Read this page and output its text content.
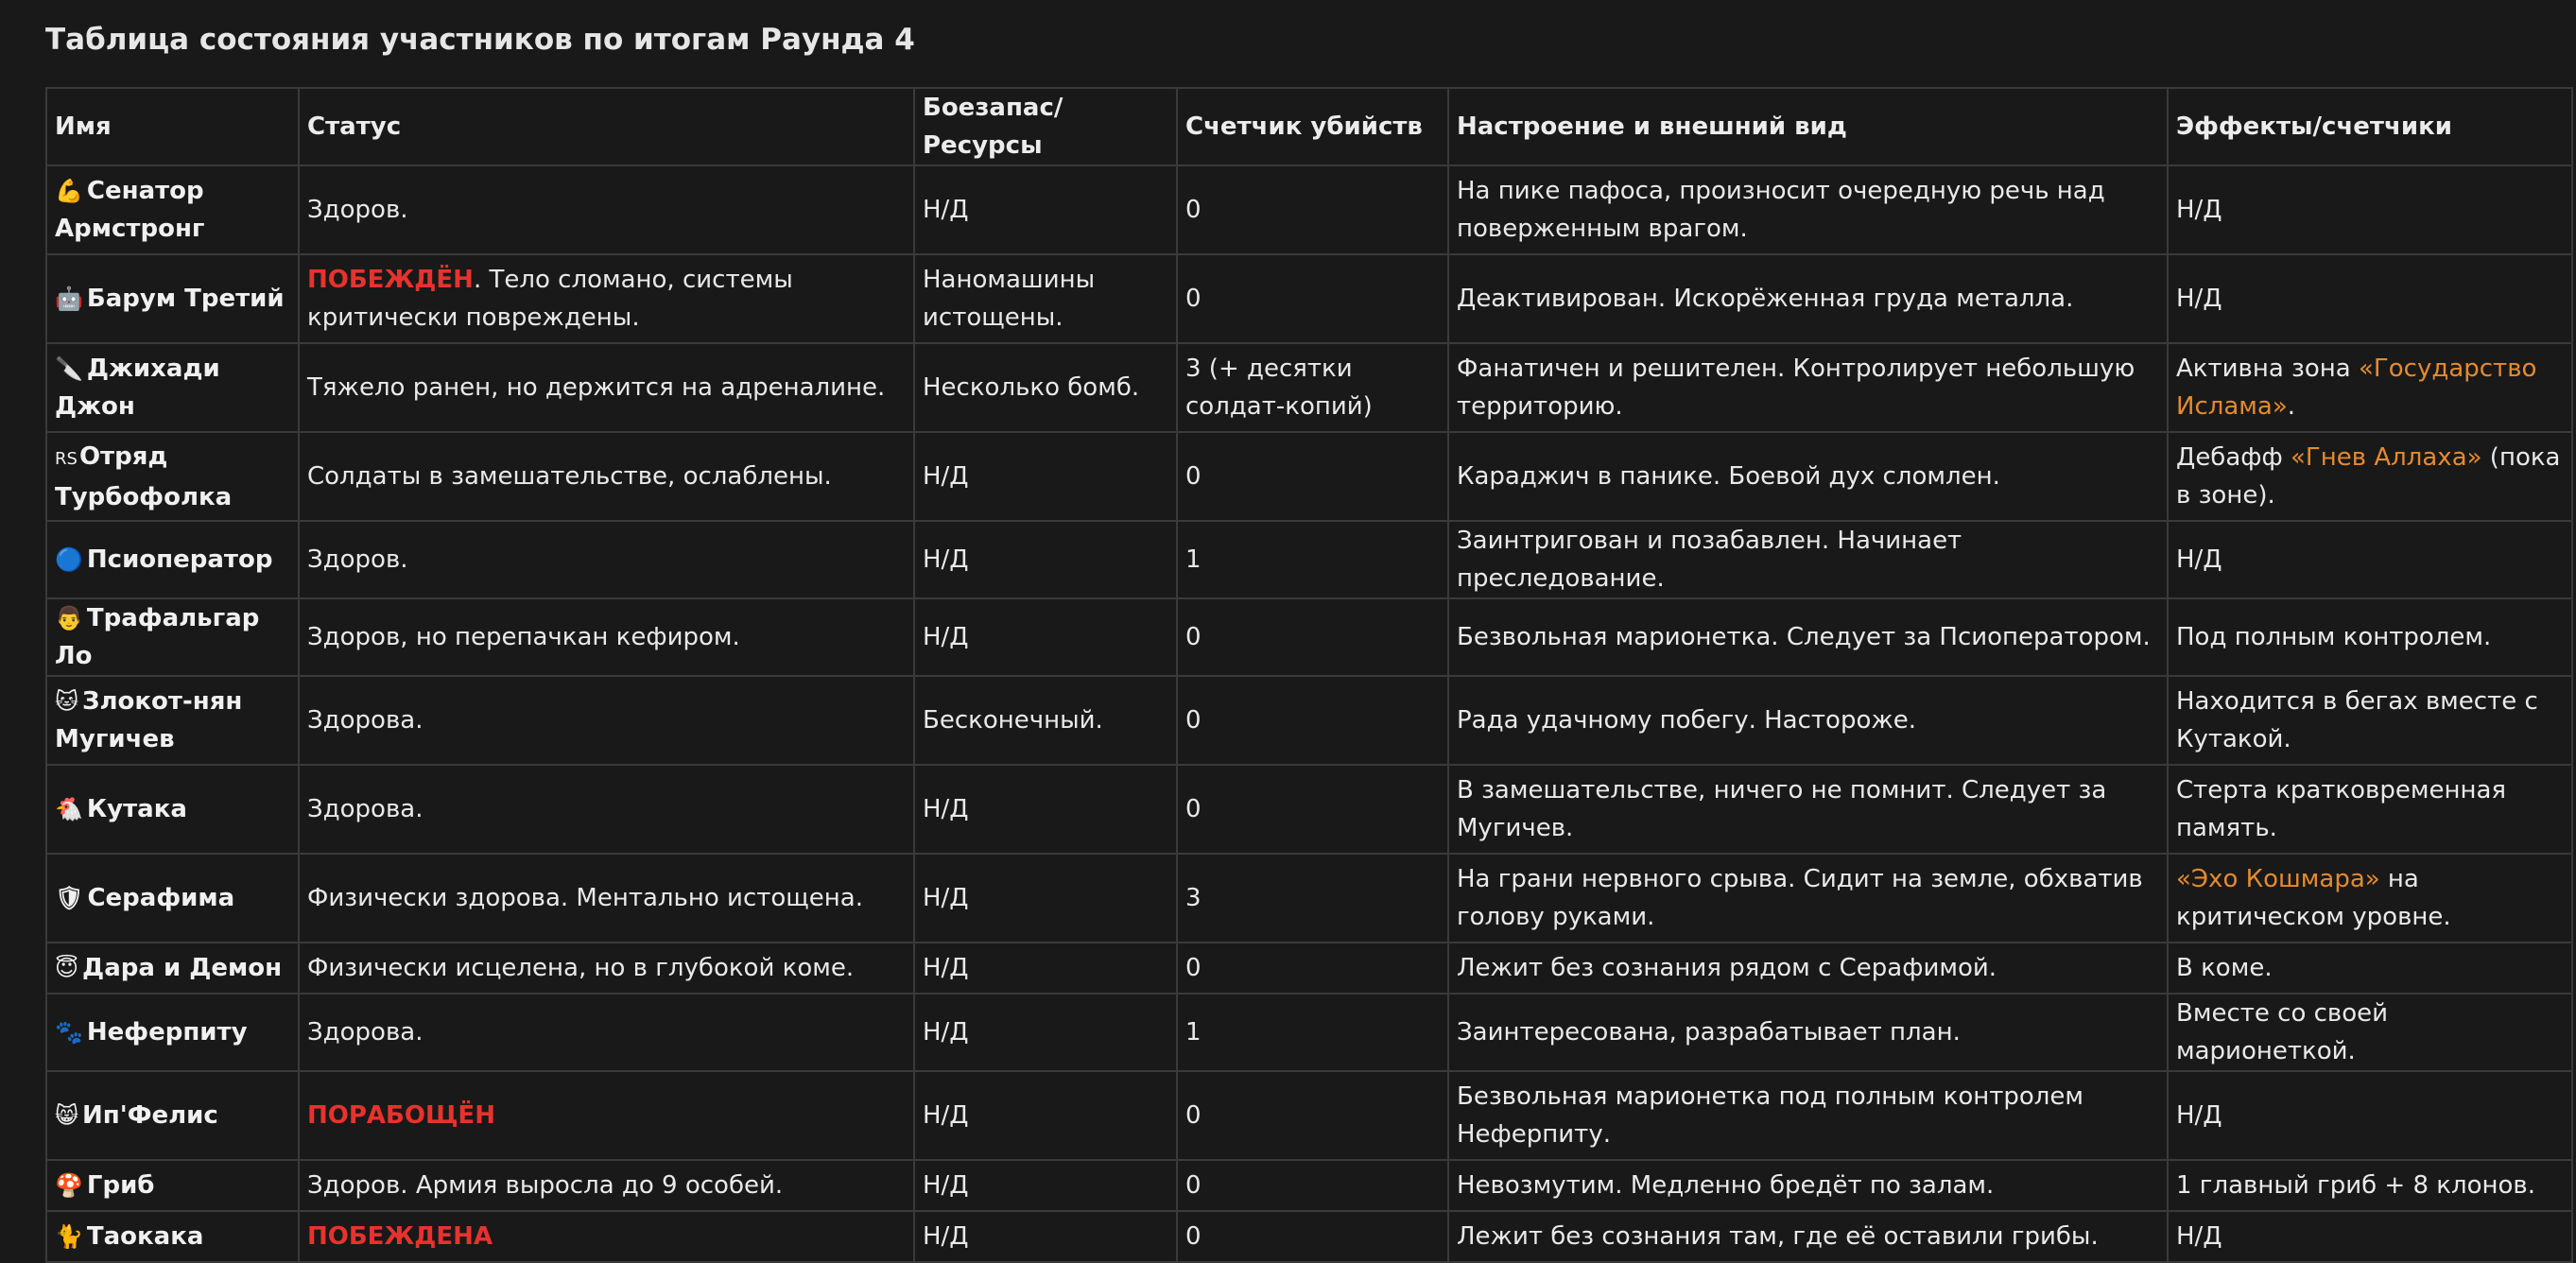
Таблица состояния участников по итогам Раунда 4
Имя	Статус	Боезапас/Ресурсы	Счетчик убийств	Настроение и внешний вид	Эффекты/счетчики
💪 Сенатор Армстронг	Здоров.	Н/Д	0	На пике пафоса, произносит очередную речь над поверженным врагом.	Н/Д
🤖 Барум Третий	ПОБЕЖДЁН. Тело сломано, системы критически повреждены.	Наномашины истощены.	0	Деактивирован. Искорёженная груда металла.	Н/Д
🔪 Джихади Джон	Тяжело ранен, но держится на адреналине.	Несколько бомб.	3 (+ десятки солдат-копий)	Фанатичен и решителен. Контролирует небольшую территорию.	Активна зона «Государство Ислама».
RSОтряд Турбофолка	Солдаты в замешательстве, ослаблены.	Н/Д	0	Караджич в панике. Боевой дух сломлен.	Дебафф «Гнев Аллаха» (пока в зоне).
🔵 Псиоператор	Здоров.	Н/Д	1	Заинтригован и позабавлен. Начинает преследование.	Н/Д
👨 Трафальгар Ло	Здоров, но перепачкан кефиром.	Н/Д	0	Безвольная марионетка. Следует за Псиоператором.	Под полным контролем.
🐱 Злокот-нян Мугичев	Здорова.	Бесконечный.	0	Рада удачному побегу. Настороже.	Находится в бегах вместе с Кутакой.
🐔 Кутака	Здорова.	Н/Д	0	В замешательстве, ничего не помнит. Следует за Мугичев.	Стерта кратковременная память.
🛡 Серафима	Физически здорова. Ментально истощена.	Н/Д	3	На грани нервного срыва. Сидит на земле, обхватив голову руками.	«Эхо Кошмара» на критическом уровне.
😇 Дара и Демон	Физически исцелена, но в глубокой коме.	Н/Д	0	Лежит без сознания рядом с Серафимой.	В коме.
🐾 Неферпиту	Здорова.	Н/Д	1	Заинтересована, разрабатывает план.	Вместе со своей марионеткой.
😸 Ип'Фелис	ПОРАБОЩЁН	Н/Д	0	Безвольная марионетка под полным контролем Неферпиту.	Н/Д
🍄 Гриб	Здоров. Армия выросла до 9 особей.	Н/Д	0	Невозмутим. Медленно бредёт по залам.	1 главный гриб + 8 клонов.
🐈 Таокака	ПОБЕЖДЕНА	Н/Д	0	Лежит без сознания там, где её оставили грибы.	Н/Д
